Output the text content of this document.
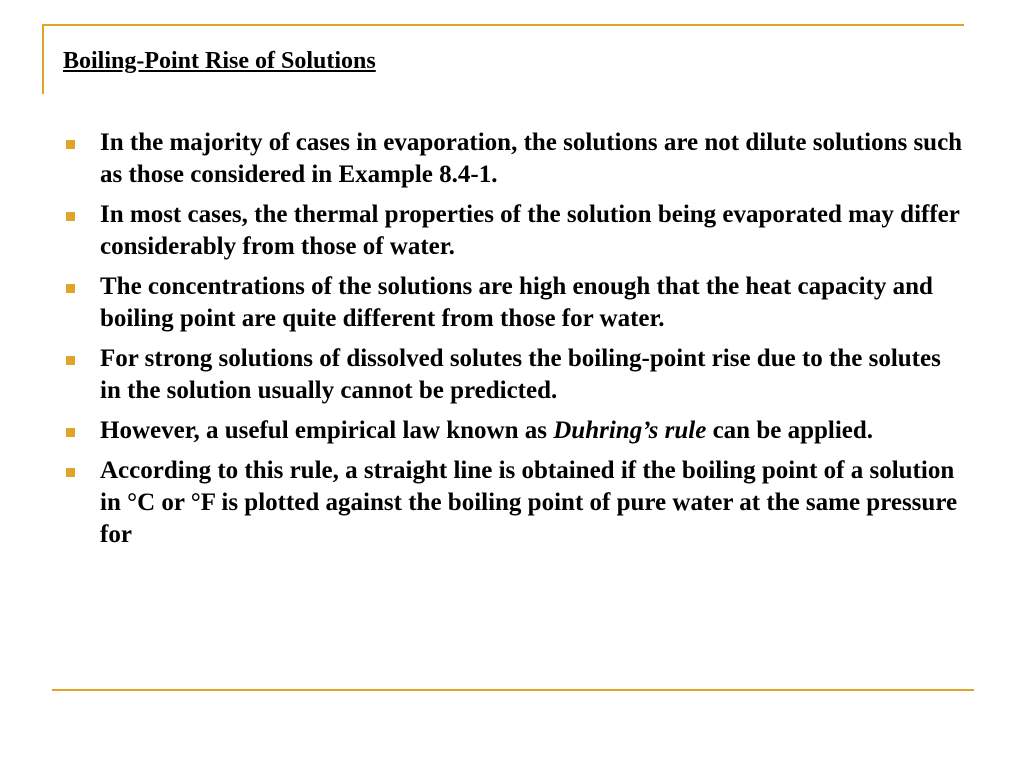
Boiling-Point Rise of Solutions
In the majority of cases in evaporation, the solutions are not dilute solutions such as those considered in Example 8.4-1.
In most cases, the thermal properties of the solution being evaporated may differ considerably from those of water.
The concentrations of the solutions are high enough that the heat capacity and boiling point are quite different from those for water.
For strong solutions of dissolved solutes the boiling-point rise due to the solutes in the solution usually cannot be predicted.
However, a useful empirical law known as Duhring’s rule can be applied.
According to this rule, a straight line is obtained if the boiling point of a solution in °C or °F is plotted against the boiling point of pure water at the same pressure for
